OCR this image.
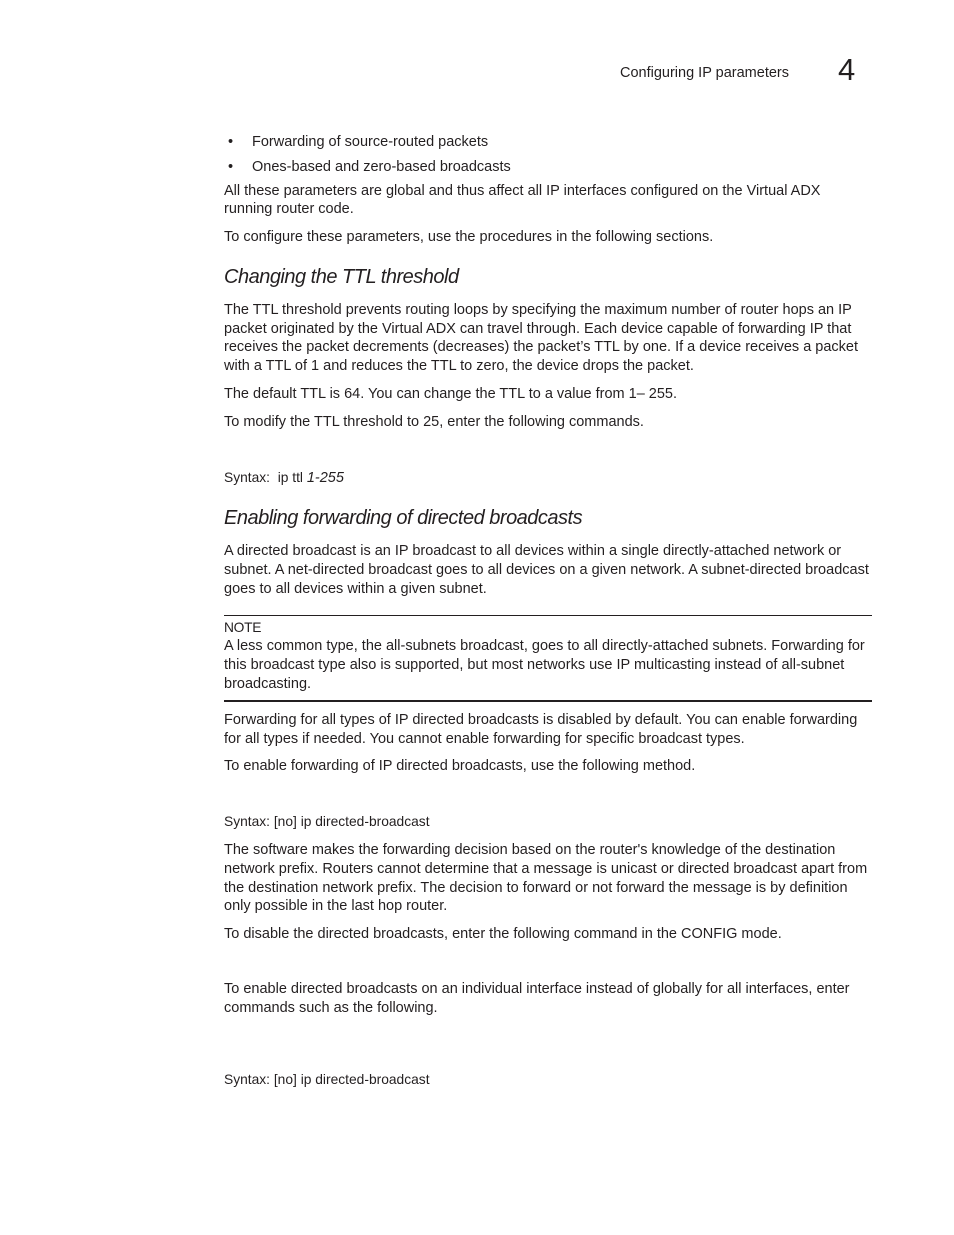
Configuring IP parameters 4
• Forwarding of source-routed packets
• Ones-based and zero-based broadcasts

All these parameters are global and thus affect all IP interfaces configured on the Virtual ADX running router code.

To configure these parameters, use the procedures in the following sections.

Changing the TTL threshold

The TTL threshold prevents routing loops by specifying the maximum number of router hops an IP packet originated by the Virtual ADX can travel through. Each device capable of forwarding IP that receives the packet decrements (decreases) the packet’s TTL by one. If a device receives a packet with a TTL of 1 and reduces the TTL to zero, the device drops the packet.

The default TTL is 64. You can change the TTL to a value from 1– 255.

To modify the TTL threshold to 25, enter the following commands.

Syntax: ip ttl 1-255
Enabling forwarding of directed broadcasts

A directed broadcast is an IP broadcast to all devices within a single directly-attached network or subnet. A net-directed broadcast goes to all devices on a given network. A subnet-directed broadcast goes to all devices within a given subnet.

NOTE

A less common type, the all-subnets broadcast, goes to all directly-attached subnets. Forwarding for this broadcast type also is supported, but most networks use IP multicasting instead of all-subnet broadcasting.

Forwarding for all types of IP directed broadcasts is disabled by default. You can enable forwarding for all types if needed. You cannot enable forwarding for specific broadcast types.

To enable forwarding of IP directed broadcasts, use the following method.

Syntax: [no] ip directed-broadcast

The software makes the forwarding decision based on the router's knowledge of the destination network prefix. Routers cannot determine that a message is unicast or directed broadcast apart from the destination network prefix. The decision to forward or not forward the message is by definition only possible in the last hop router.

To disable the directed broadcasts, enter the following command in the CONFIG mode.

To enable directed broadcasts on an individual interface instead of globally for all interfaces, enter commands such as the following.

Syntax: [no] ip directed-broadcast
